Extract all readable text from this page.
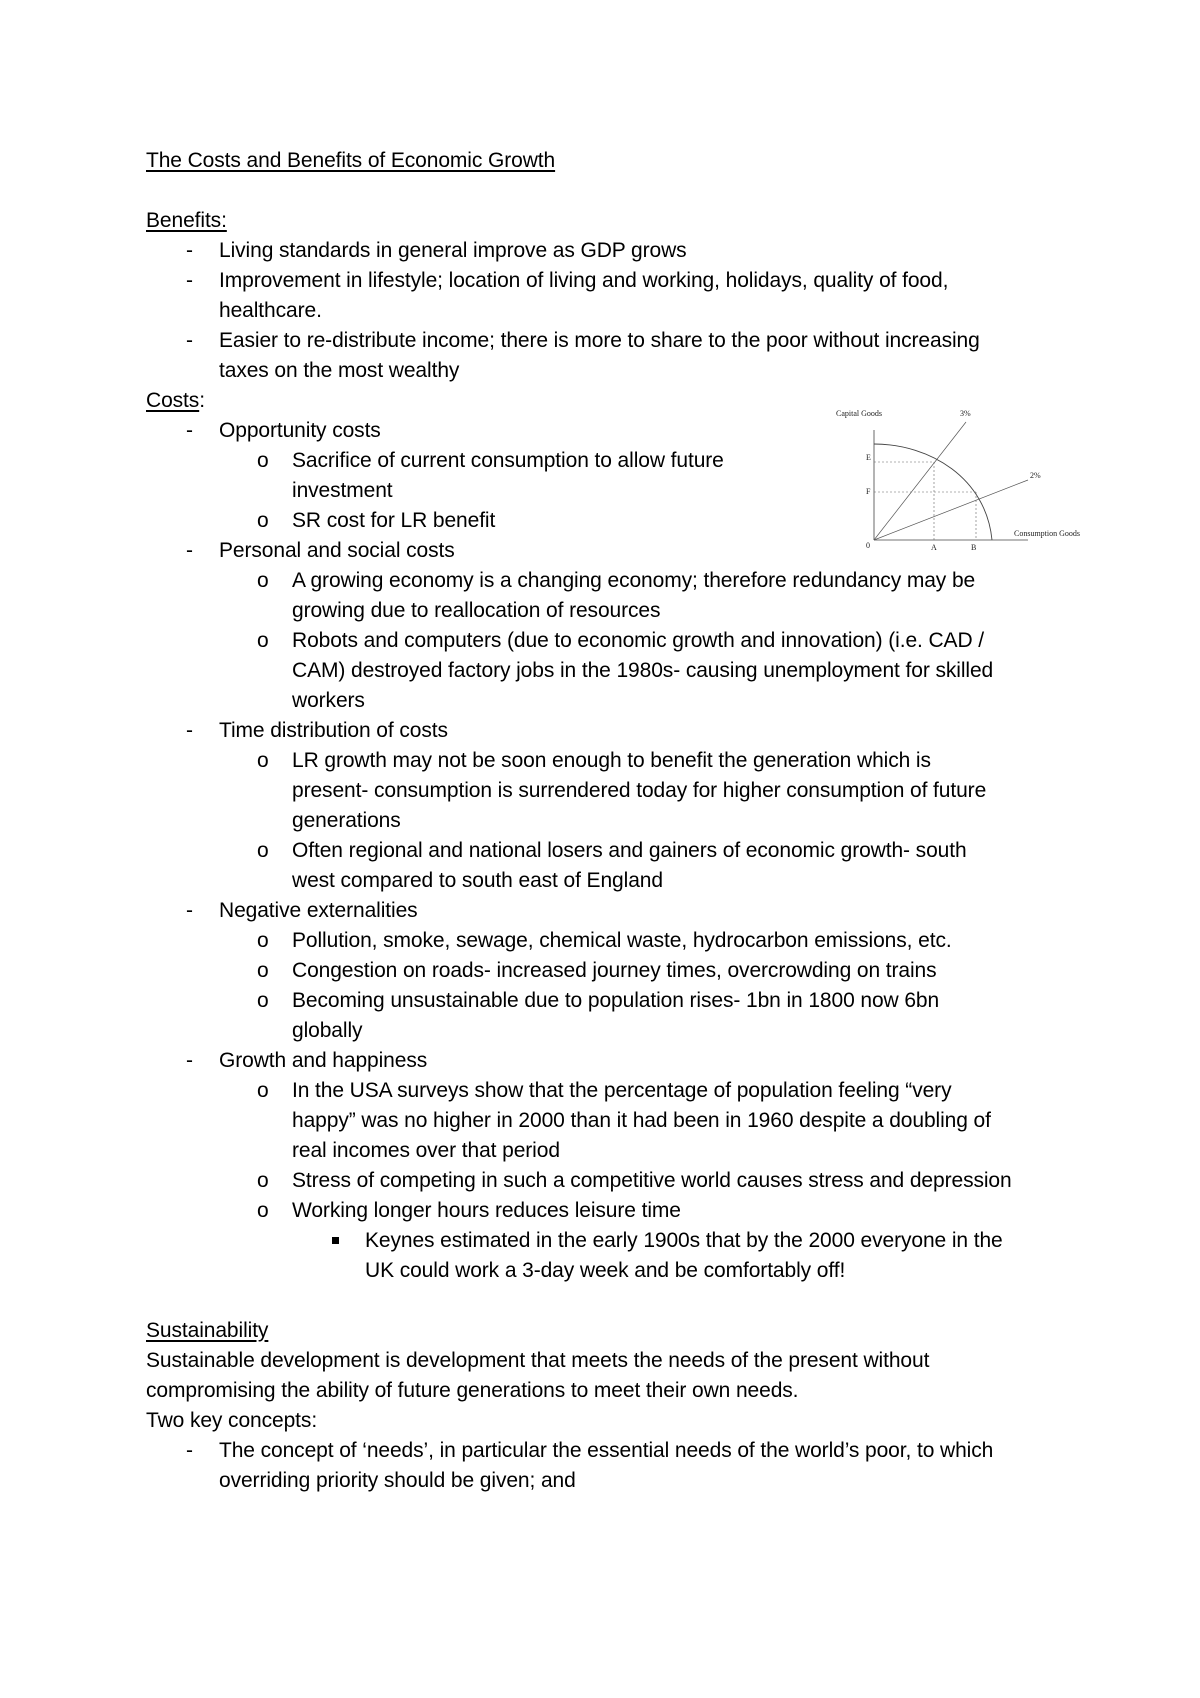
The Costs and Benefits of Economic Growth
Benefits:
- Living standards in general improve as GDP grows
- Improvement in lifestyle; location of living and working, holidays, quality of food,
healthcare.
- Easier to re-distribute income; there is more to share to the poor without increasing
taxes on the most wealthy
Costs:
- Opportunity costs
o Sacrifice of current consumption to allow future
investment
o SR cost for LR benefit
- Personal and social costs
o A growing economy is a changing economy; therefore redundancy may be
growing due to reallocation of resources
o Robots and computers (due to economic growth and innovation) (i.e. CAD /
CAM) destroyed factory jobs in the 1980s- causing unemployment for skilled
workers
- Time distribution of costs
o LR growth may not be soon enough to benefit the generation which is
present- consumption is surrendered today for higher consumption of future
generations
o Often regional and national losers and gainers of economic growth- south
west compared to south east of England
- Negative externalities
o Pollution, smoke, sewage, chemical waste, hydrocarbon emissions, etc.
o Congestion on roads- increased journey times, overcrowding on trains
o Becoming unsustainable due to population rises- 1bn in 1800 now 6bn
globally
- Growth and happiness
o In the USA surveys show that the percentage of population feeling “very
happy” was no higher in 2000 than it had been in 1960 despite a doubling of
real incomes over that period
o Stress of competing in such a competitive world causes stress and depression
o Working longer hours reduces leisure time
Keynes estimated in the early 1900s that by the 2000 everyone in the
UK could work a 3-day week and be comfortably off!
Sustainability
Sustainable development is development that meets the needs of the present without
compromising the ability of future generations to meet their own needs.
Two key concepts:
- The concept of ‘needs’, in particular the essential needs of the world’s poor, to which
overriding priority should be given; and
Capital Goods	3%
2%
E
F
0	A	B
Consumption Goods
